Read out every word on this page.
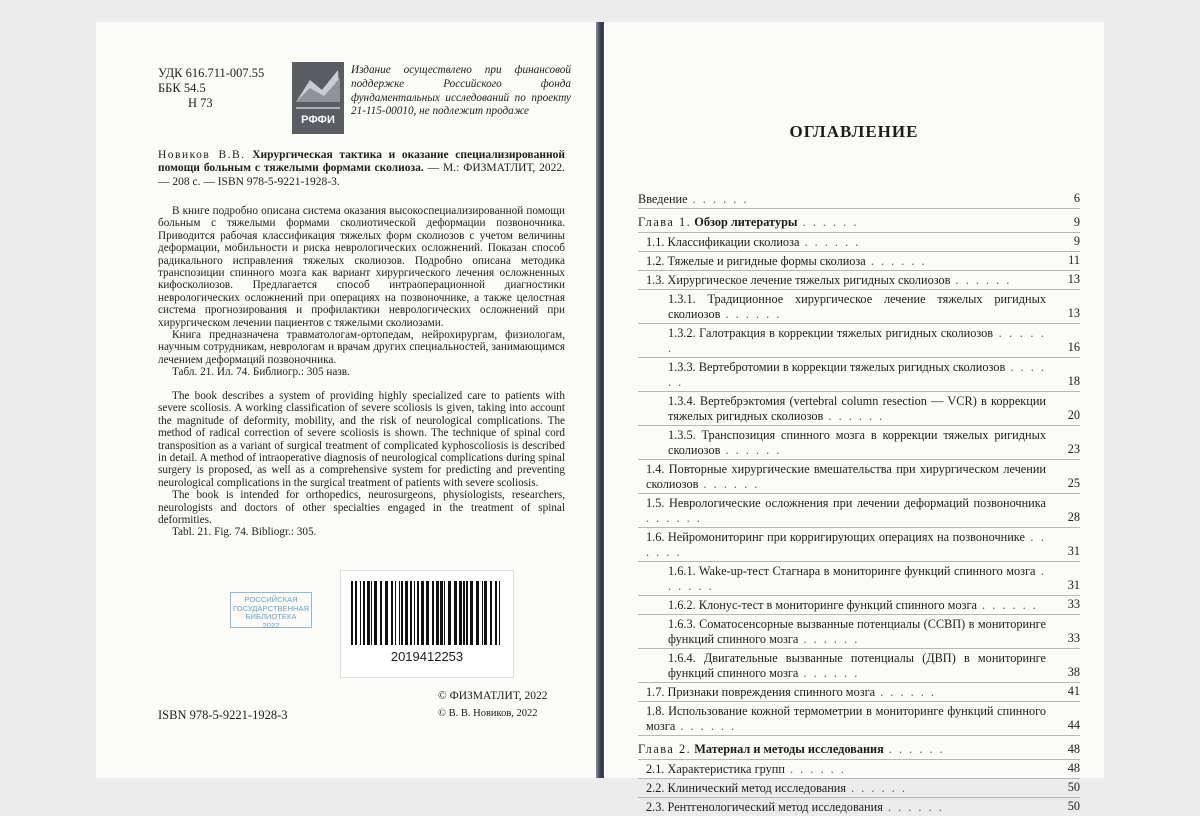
УДК 616.711-007.55
ББК 54.5
Н 73
РФФИ
Издание осуществлено при финансовой поддержке Российского фонда фундаментальных исследований по проекту 21-115-00010, не подлежит продаже
Новиков В.В. Хирургическая тактика и оказание специализированной помощи больным с тяжелыми формами сколиоза. — М.: ФИЗМАТЛИТ, 2022. — 208 с. — ISBN 978-5-9221-1928-3.

В книге подробно описана система оказания высокоспециализированной помощи больным с тяжелыми формами сколиотической деформации позвоночника. Приводится рабочая классификация тяжелых форм сколиозов с учетом величины деформации, мобильности и риска неврологических осложнений. Показан способ радикального исправления тяжелых сколиозов. Подробно описана методика транспозиции спинного мозга как вариант хирургического лечения осложненных кифосколиозов. Предлагается способ интраоперационной диагностики неврологических осложнений при операциях на позвоночнике, а также целостная система прогнозирования и профилактики неврологических осложнений при хирургическом лечении пациентов с тяжелыми сколиозами.

Книга предназначена травматологам-ортопедам, нейрохирургам, физиологам, научным сотрудникам, неврологам и врачам других специальностей, занимающимся лечением деформаций позвоночника.

Табл. 21. Ил. 74. Библиогр.: 305 назв.

The book describes a system of providing highly specialized care to patients with severe scoliosis. A working classification of severe scoliosis is given, taking into account the magnitude of deformity, mobility, and the risk of neurological complications. The method of radical correction of severe scoliosis is shown. The technique of spinal cord transposition as a variant of surgical treatment of complicated kyphoscoliosis is described in detail. A method of intraoperative diagnosis of neurological complications during spinal surgery is proposed, as well as a comprehensive system for predicting and preventing neurological complications in the surgical treatment of patients with severe scoliosis.

The book is intended for orthopedics, neurosurgeons, physiologists, researchers, neurologists and doctors of other specialties engaged in the treatment of spinal deformities.

Tabl. 21. Fig. 74. Bibliogr.: 305.

РОССИЙСКАЯ
ГОСУДАРСТВЕННАЯ
БИБЛИОТЕКА
2022
2019412253
ISBN 978-5-9221-1928-3
© ФИЗМАТЛИТ, 2022
© В. В. Новиков, 2022
ОГЛАВЛЕНИЕ
Введение . . . . . .	6
Глава 1. Обзор литературы . . . . . .	9
1.1. Классификации сколиоза . . . . . .	9
1.2. Тяжелые и ригидные формы сколиоза . . . . . .	11
1.3. Хирургическое лечение тяжелых ригидных сколиозов . . . . . .	13
1.3.1. Традиционное хирургическое лечение тяжелых ригидных сколиозов . . . . . .	13
1.3.2. Галотракция в коррекции тяжелых ригидных сколиозов . . . . . .	16
1.3.3. Вертебротомии в коррекции тяжелых ригидных сколиозов . . . . . .	18
1.3.4. Вертебрэктомия (vertebral column resection — VCR) в коррекции тяжелых ригидных сколиозов . . . . . .	20
1.3.5. Транспозиция спинного мозга в коррекции тяжелых ригидных сколиозов . . . . . .	23
1.4. Повторные хирургические вмешательства при хирургическом лечении сколиозов . . . . . .	25
1.5. Неврологические осложнения при лечении деформаций позвоночника . . . . . .	28
1.6. Нейромониторинг при корригирующих операциях на позвоночнике . . . . . .	31
1.6.1. Wake-up-тест Стагнара в мониторинге функций спинного мозга . . . . . .	31
1.6.2. Клонус-тест в мониторинге функций спинного мозга . . . . . .	33
1.6.3. Соматосенсорные вызванные потенциалы (ССВП) в мониторинге функций спинного мозга . . . . . .	33
1.6.4. Двигательные вызванные потенциалы (ДВП) в мониторинге функций спинного мозга . . . . . .	38
1.7. Признаки повреждения спинного мозга . . . . . .	41
1.8. Использование кожной термометрии в мониторинге функций спинного мозга . . . . . .	44
Глава 2. Материал и методы исследования . . . . . .	48
2.1. Характеристика групп . . . . . .	48
2.2. Клинический метод исследования . . . . . .	50
2.3. Рентгенологический метод исследования . . . . . .	50
